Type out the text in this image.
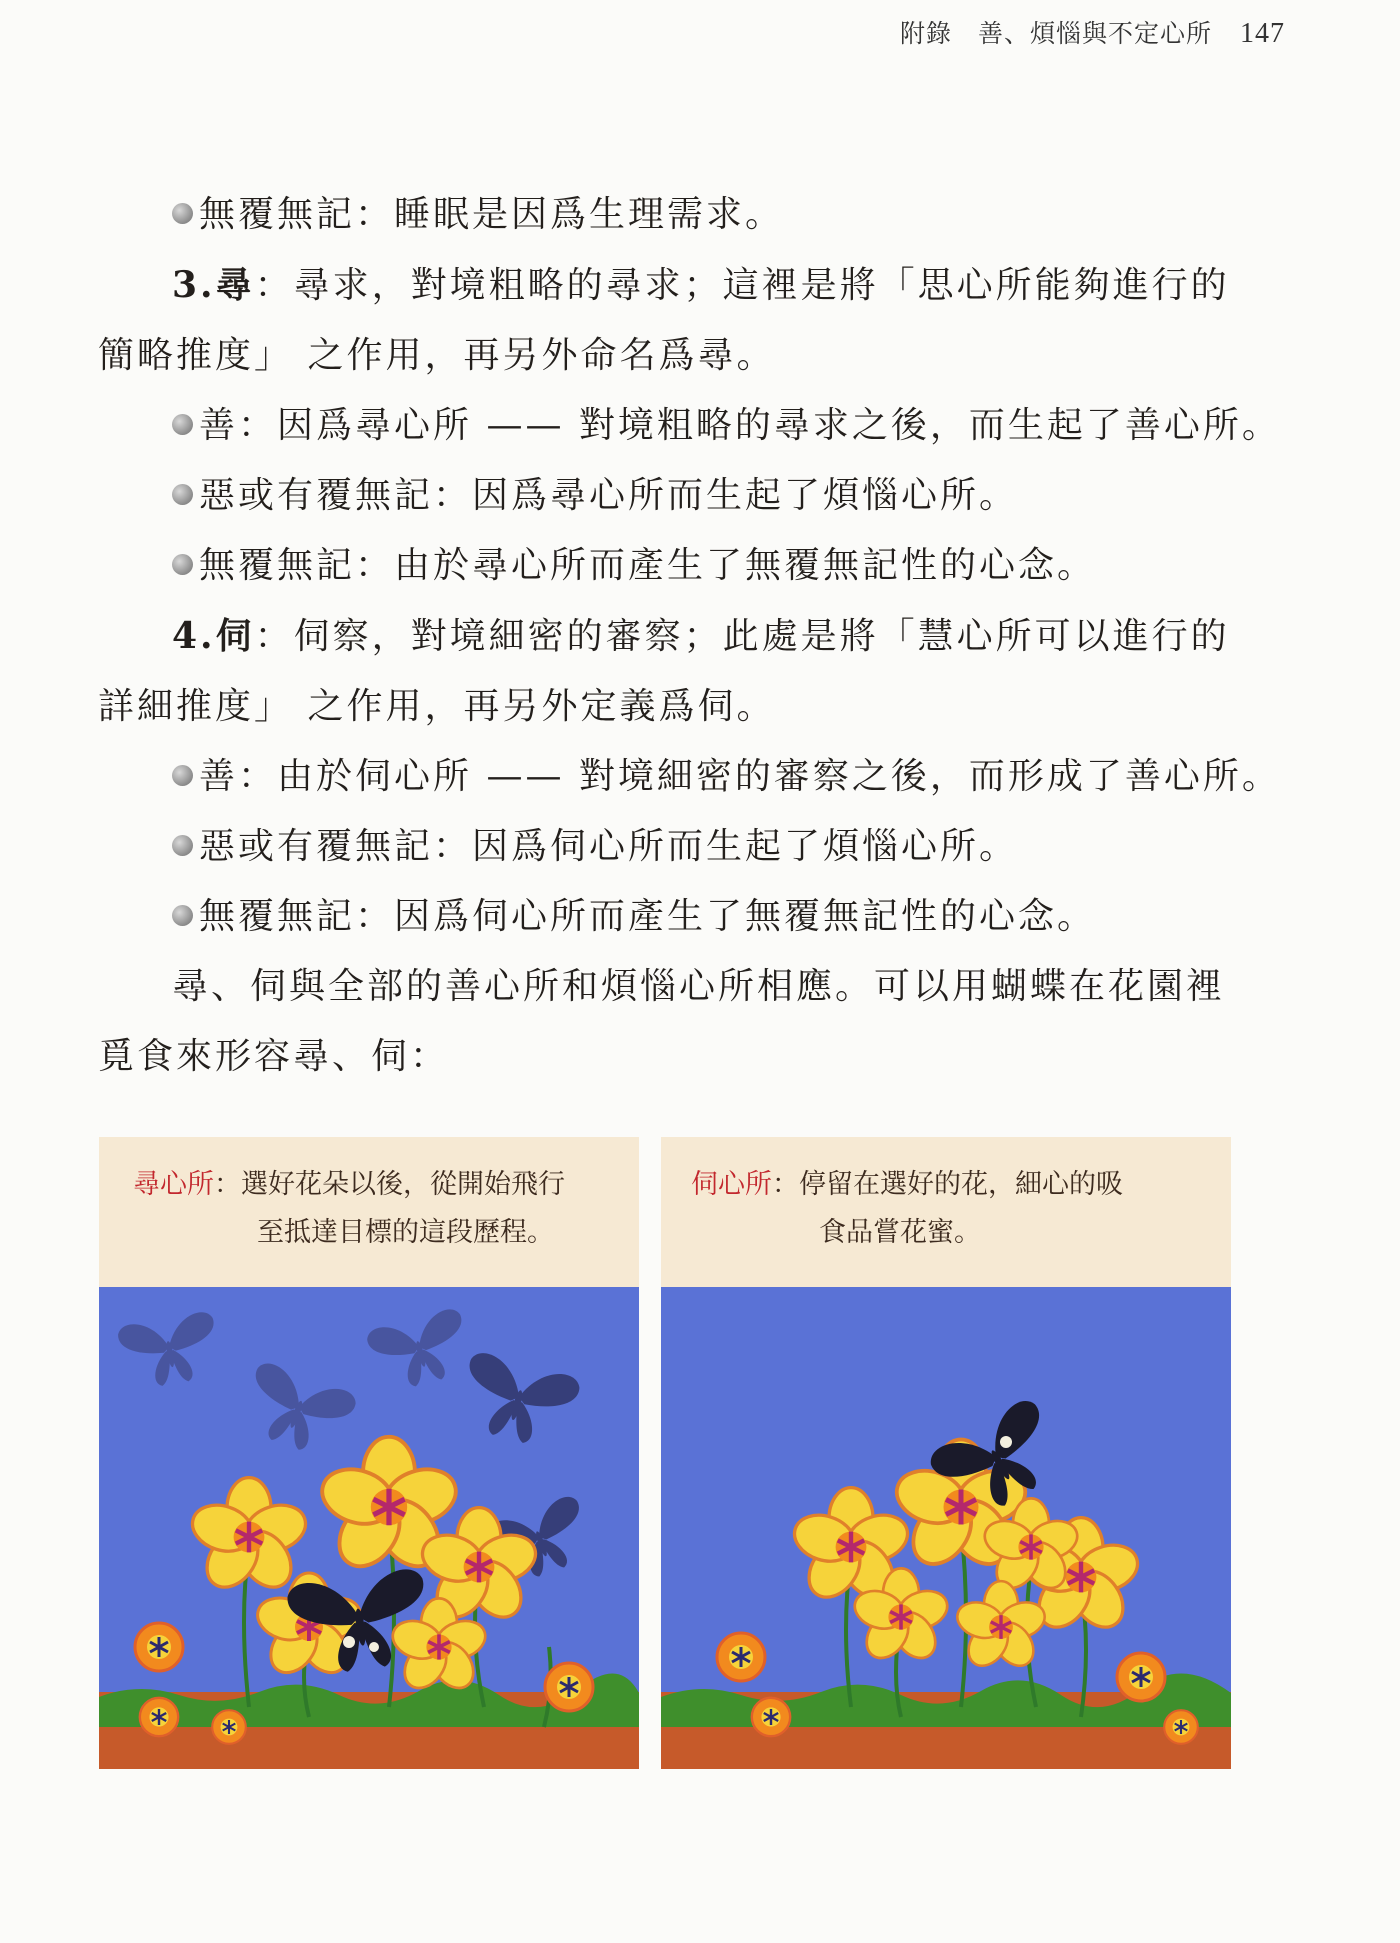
附錄　善、煩惱與不定心所 147

無覆無記：睡眠是因爲生理需求。

3.尋：尋求，對境粗略的尋求；這裡是將「思心所能夠進行的

簡略推度」 之作用，再另外命名爲尋。

善：因爲尋心所 —— 對境粗略的尋求之後，而生起了善心所。

惡或有覆無記：因爲尋心所而生起了煩惱心所。

無覆無記：由於尋心所而產生了無覆無記性的心念。

4.伺：伺察，對境細密的審察；此處是將「慧心所可以進行的

詳細推度」 之作用，再另外定義爲伺。

善：由於伺心所 —— 對境細密的審察之後，而形成了善心所。

惡或有覆無記：因爲伺心所而生起了煩惱心所。

無覆無記：因爲伺心所而產生了無覆無記性的心念。

尋、伺與全部的善心所和煩惱心所相應。可以用蝴蝶在花園裡

覓食來形容尋、伺：

尋心所：選好花朵以後，從開始飛行
至抵達目標的這段歷程。
伺心所：停留在選好的花，細心的吸
食品嘗花蜜。
